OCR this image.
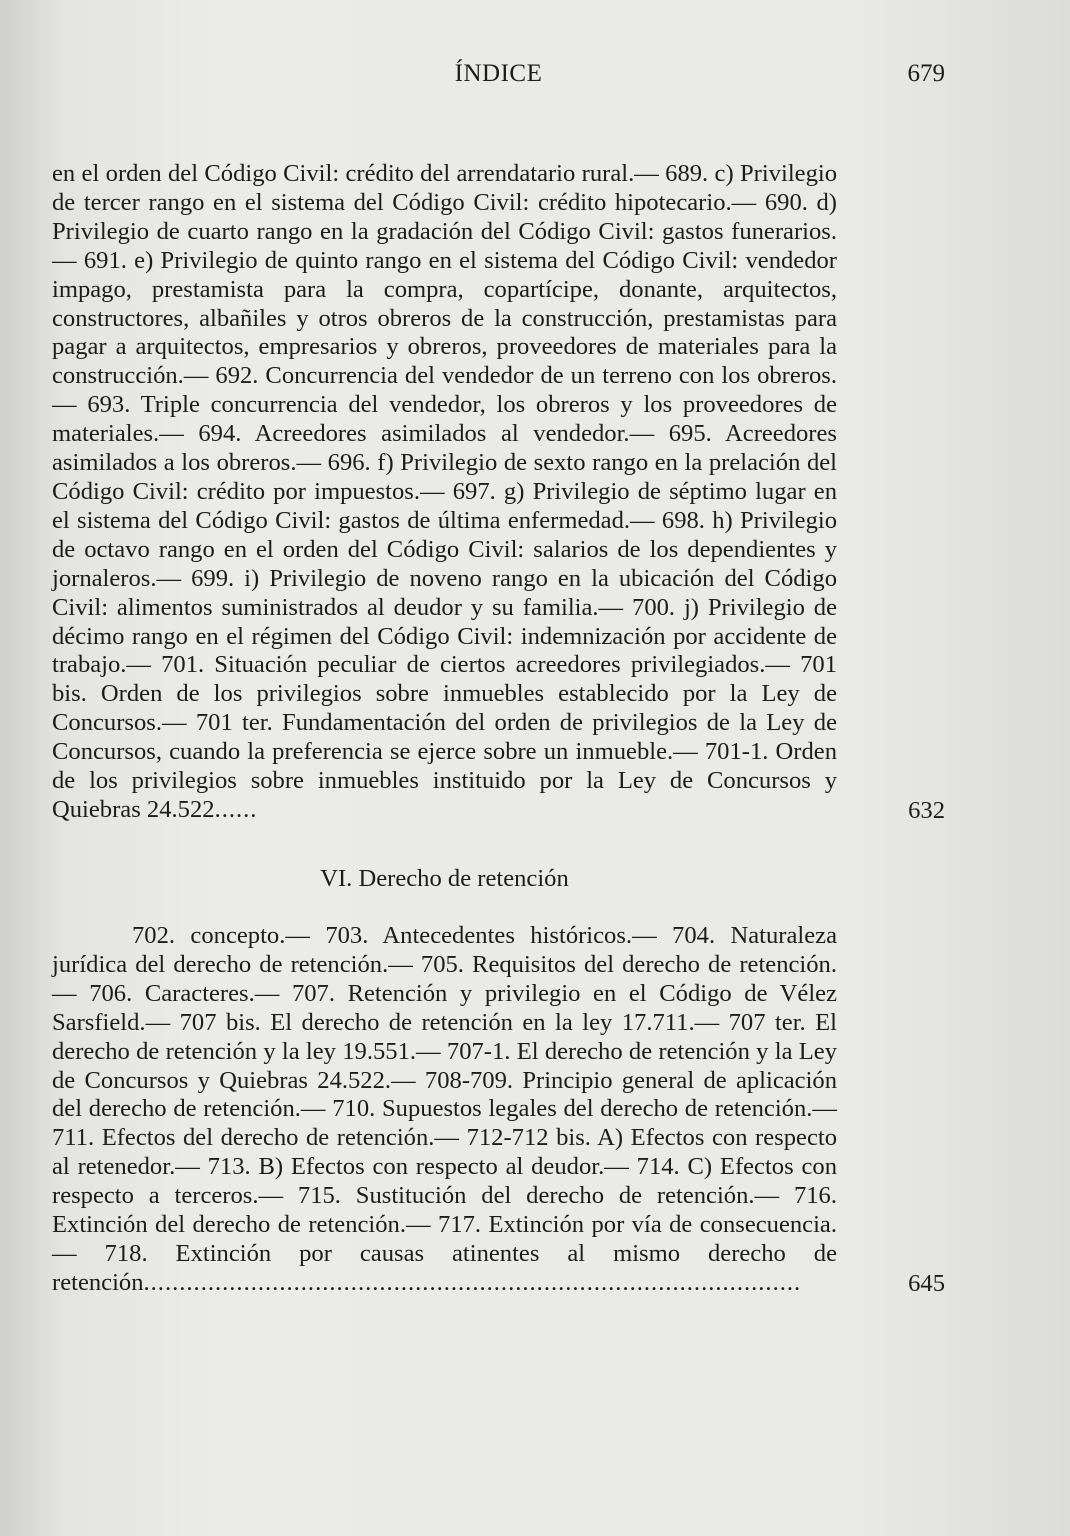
ÍNDICE	679

en el orden del Código Civil: crédito del arrendatario rural.— 689. c) Privilegio de tercer rango en el sistema del Código Civil: crédito hipotecario.— 690. d) Privilegio de cuarto rango en la gradación del Código Civil: gastos funerarios.— 691. e) Privilegio de quinto rango en el sistema del Código Civil: vendedor impago, prestamista para la compra, copartícipe, donante, arquitectos, constructores, albañiles y otros obreros de la construcción, prestamistas para pagar a arquitectos, empresarios y obreros, proveedores de materiales para la construcción.— 692. Concurrencia del vendedor de un terreno con los obreros.— 693. Triple concurrencia del vendedor, los obreros y los proveedores de materiales.— 694. Acreedores asimilados al vendedor.— 695. Acreedores asimilados a los obreros.— 696. f) Privilegio de sexto rango en la prelación del Código Civil: crédito por impuestos.— 697. g) Privilegio de séptimo lugar en el sistema del Código Civil: gastos de última enfermedad.— 698. h) Privilegio de octavo rango en el orden del Código Civil: salarios de los dependientes y jornaleros.— 699. i) Privilegio de noveno rango en la ubicación del Código Civil: alimentos suministrados al deudor y su familia.— 700. j) Privilegio de décimo rango en el régimen del Código Civil: indemnización por accidente de trabajo.— 701. Situación peculiar de ciertos acreedores privilegiados.— 701 bis. Orden de los privilegios sobre inmuebles establecido por la Ley de Concursos.— 701 ter. Fundamentación del orden de privilegios de la Ley de Concursos, cuando la preferencia se ejerce sobre un inmueble.— 701-1. Orden de los privilegios sobre inmuebles instituido por la Ley de Concursos y Quiebras 24.522......	632
VI. Derecho de retención

702. concepto.— 703. Antecedentes históricos.— 704. Naturaleza jurídica del derecho de retención.— 705. Requisitos del derecho de retención.— 706. Caracteres.— 707. Retención y privilegio en el Código de Vélez Sarsfield.— 707 bis. El derecho de retención en la ley 17.711.— 707 ter. El derecho de retención y la ley 19.551.— 707-1. El derecho de retención y la Ley de Concursos y Quiebras 24.522.— 708-709. Principio general de aplicación del derecho de retención.— 710. Supuestos legales del derecho de retención.— 711. Efectos del derecho de retención.— 712-712 bis. A) Efectos con respecto al retenedor.— 713. B) Efectos con respecto al deudor.— 714. C) Efectos con respecto a terceros.— 715. Sustitución del derecho de retención.— 716. Extinción del derecho de retención.— 717. Extinción por vía de consecuencia.— 718. Extinción por causas atinentes al mismo derecho de retención............................................................................................	645
